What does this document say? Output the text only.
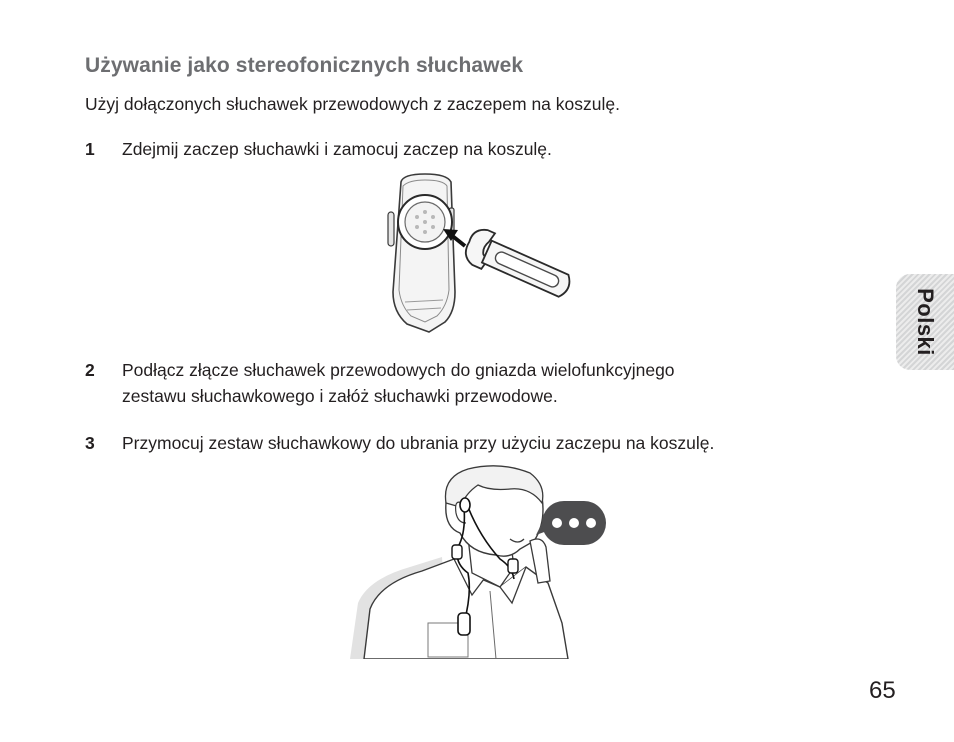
Używanie jako stereofonicznych słuchawek

Użyj dołączonych słuchawek przewodowych z zaczepem na koszulę.

1 Zdejmij zaczep słuchawki i zamocuj zaczep na koszulę.
2 Podłącz złącze słuchawek przewodowych do gniazda wielofunkcyjnego
zestawu słuchawkowego i załóż słuchawki przewodowe.
3 Przymocuj zestaw słuchawkowy do ubrania przy użyciu zaczepu na koszulę.
Polski
65
